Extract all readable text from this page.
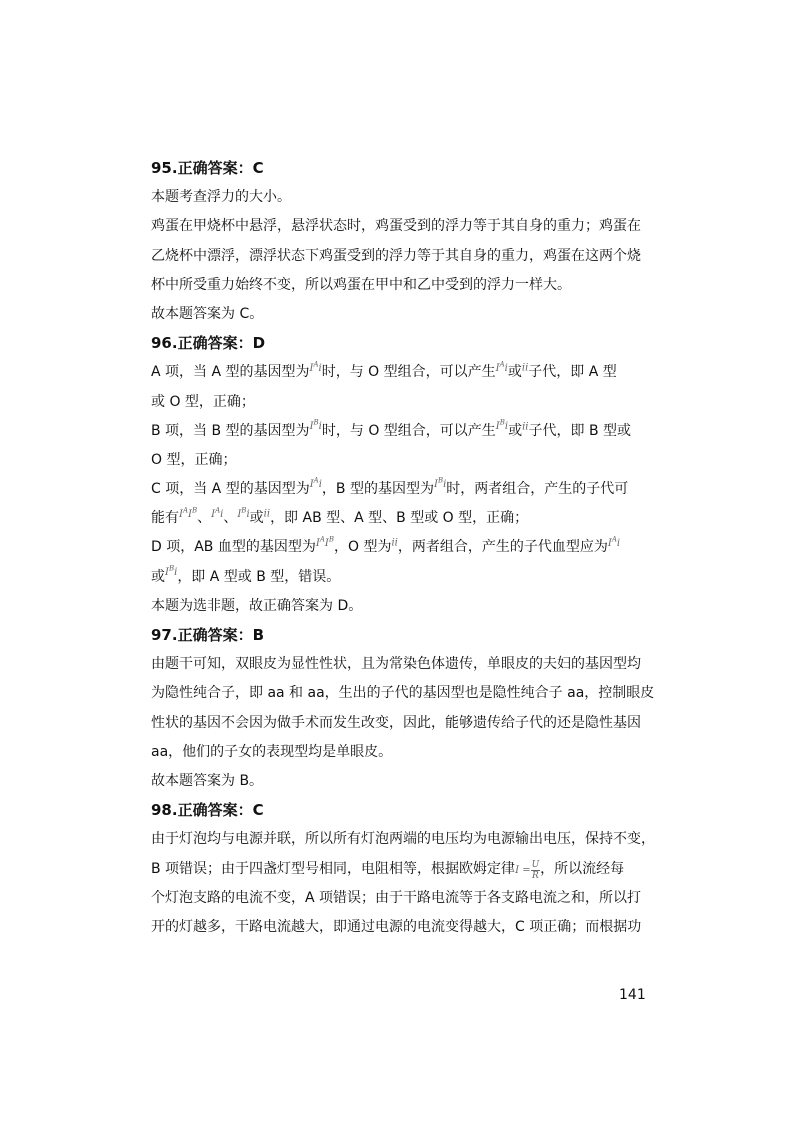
95.正确答案：C
本题考查浮力的大小。
鸡蛋在甲烧杯中悬浮，悬浮状态时，鸡蛋受到的浮力等于其自身的重力；鸡蛋在
乙烧杯中漂浮，漂浮状态下鸡蛋受到的浮力等于其自身的重力，鸡蛋在这两个烧
杯中所受重力始终不变，所以鸡蛋在甲中和乙中受到的浮力一样大。
故本题答案为 C。
96.正确答案：D
A 项，当 A 型的基因型为$^{I^Ai}$时，与 O 型组合，可以产生$^{I^Ai}$或$^{ii}$子代，即 A 型
或 O 型，正确；
B 项，当 B 型的基因型为$^{I^Bi}$时，与 O 型组合，可以产生$^{I^Bi}$或$^{ii}$子代，即 B 型或
O 型，正确；
C 项，当 A 型的基因型为$^{I^Ai}$，B 型的基因型为$^{I^Bi}$时，两者组合，产生的子代可
能有$^{I^AI^B}$、$^{I^Ai}$、$^{I^Bi}$或$^{ii}$，即 AB 型、A 型、B 型或 O 型，正确；
D 项，AB 血型的基因型为$^{I^AI^B}$，O 型为$^{ii}$，两者组合，产生的子代血型应为$^{I^Ai}$
或$^{I^Bi}$，即 A 型或 B 型，错误。
本题为选非题，故正确答案为 D。
97.正确答案：B
由题干可知，双眼皮为显性性状，且为常染色体遗传，单眼皮的夫妇的基因型均
为隐性纯合子，即 aa 和 aa，生出的子代的基因型也是隐性纯合子 aa，控制眼皮
性状的基因不会因为做手术而发生改变，因此，能够遗传给子代的还是隐性基因
aa，他们的子女的表现型均是单眼皮。
故本题答案为 B。
98.正确答案：C
由于灯泡均与电源并联，所以所有灯泡两端的电压均为电源输出电压，保持不变，
B 项错误；由于四盏灯型号相同，电阻相等，根据欧姆定律$I = \frac{U}{R}$ ，所以流经每
个灯泡支路的电流不变，A 项错误；由于干路电流等于各支路电流之和，所以打
开的灯越多，干路电流越大，即通过电源的电流变得越大，C 项正确；而根据功
141
